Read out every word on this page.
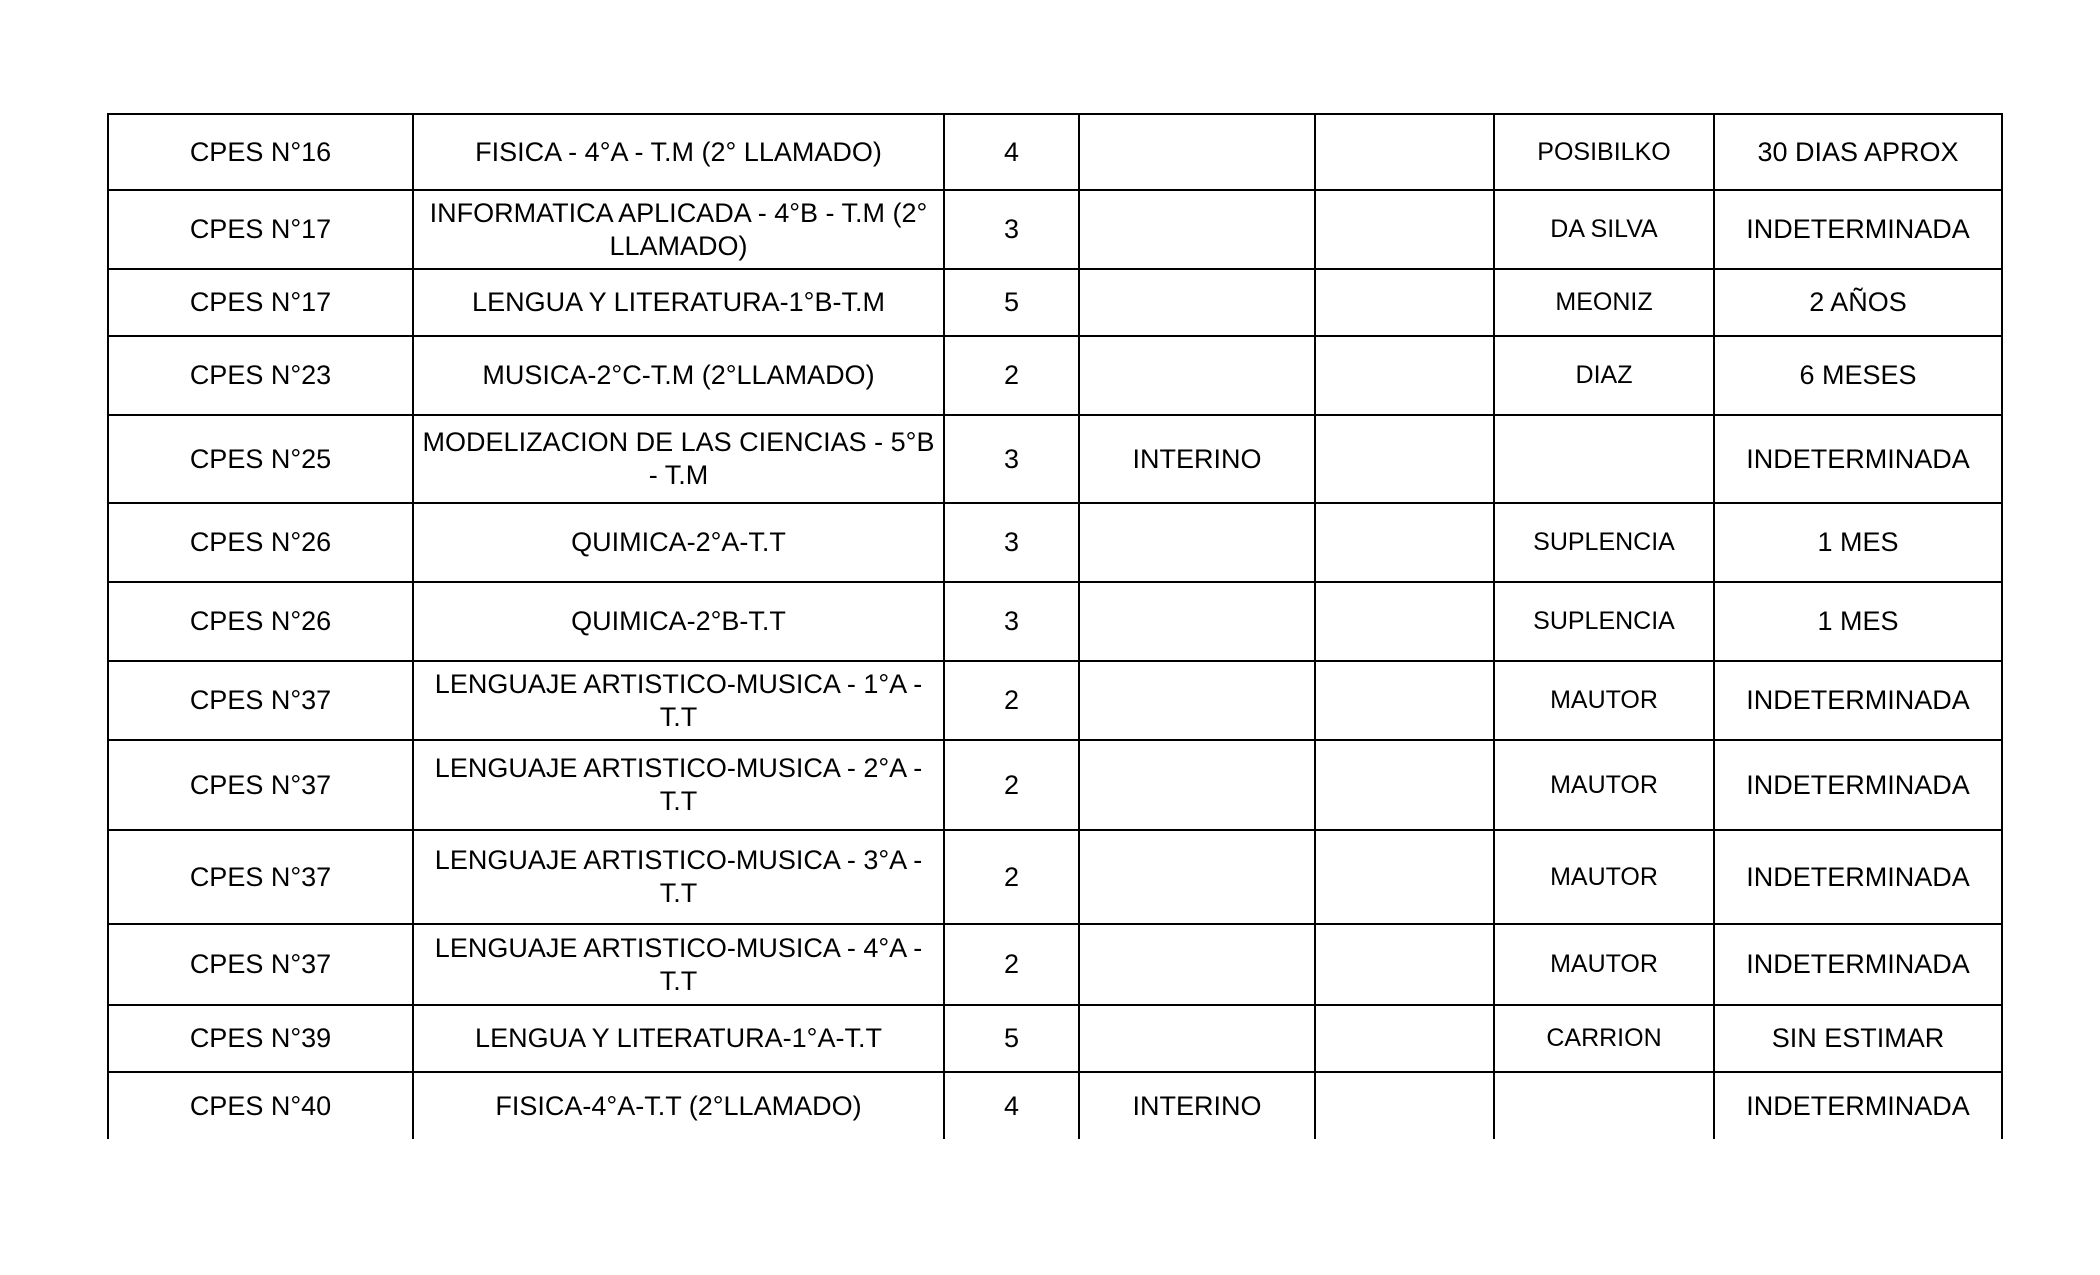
CPES N°16	FISICA - 4°A - T.M (2° LLAMADO)	4			POSIBILKO	30 DIAS APROX
CPES N°17	INFORMATICA APLICADA - 4°B - T.M (2° LLAMADO)	3			DA SILVA	INDETERMINADA
CPES N°17	LENGUA Y LITERATURA-1°B-T.M	5			MEONIZ	2 AÑOS
CPES N°23	MUSICA-2°C-T.M (2°LLAMADO)	2			DIAZ	6 MESES
CPES N°25	MODELIZACION DE LAS CIENCIAS - 5°B - T.M	3	INTERINO			INDETERMINADA
CPES N°26	QUIMICA-2°A-T.T	3			SUPLENCIA	1 MES
CPES N°26	QUIMICA-2°B-T.T	3			SUPLENCIA	1 MES
CPES N°37	LENGUAJE ARTISTICO-MUSICA - 1°A - T.T	2			MAUTOR	INDETERMINADA
CPES N°37	LENGUAJE ARTISTICO-MUSICA - 2°A - T.T	2			MAUTOR	INDETERMINADA
CPES N°37	LENGUAJE ARTISTICO-MUSICA - 3°A - T.T	2			MAUTOR	INDETERMINADA
CPES N°37	LENGUAJE ARTISTICO-MUSICA - 4°A - T.T	2			MAUTOR	INDETERMINADA
CPES N°39	LENGUA Y LITERATURA-1°A-T.T	5			CARRION	SIN ESTIMAR
CPES N°40	FISICA-4°A-T.T (2°LLAMADO)	4	INTERINO			INDETERMINADA
